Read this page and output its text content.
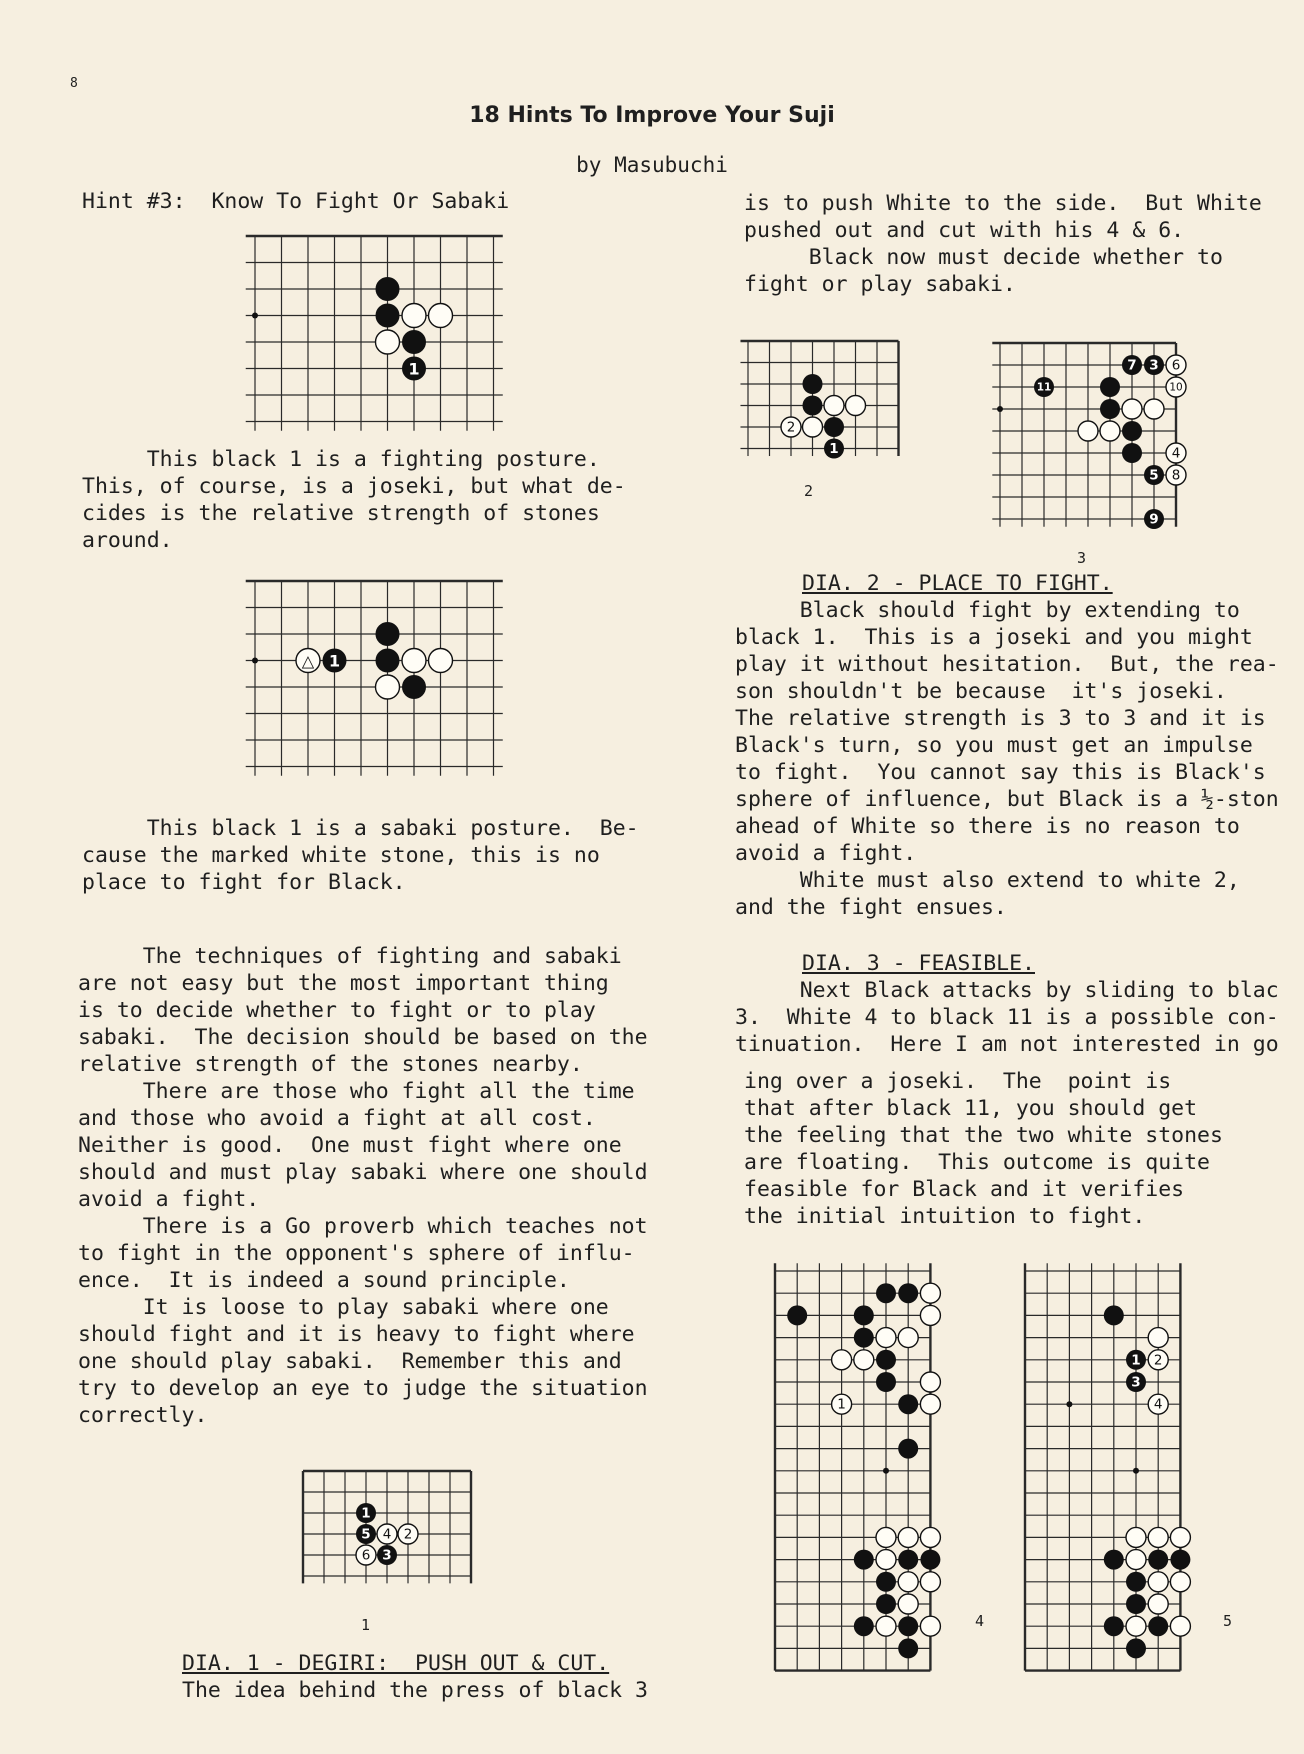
8
18 Hints To Improve Your Suji
by Masubuchi
Hint #3:  Know To Fight Or Sabaki
1
This black 1 is a fighting posture.
This, of course, is a joseki, but what de-
cides is the relative strength of stones
around.
△ 1
This black 1 is a sabaki posture.  Be-
cause the marked white stone, this is no
place to fight for Black.
The techniques of fighting and sabaki
are not easy but the most important thing
is to decide whether to fight or to play
sabaki.  The decision should be based on the
relative strength of the stones nearby.
There are those who fight all the time
and those who avoid a fight at all cost.
Neither is good.  One must fight where one
should and must play sabaki where one should
avoid a fight.
There is a Go proverb which teaches not
to fight in the opponent's sphere of influ-
ence.  It is indeed a sound principle.
It is loose to play sabaki where one
should fight and it is heavy to fight where
one should play sabaki.  Remember this and
try to develop an eye to judge the situation
correctly.
1
5 4 2
6 3
1
DIA. 1 - DEGIRI:  PUSH OUT & CUT.
The idea behind the press of black 3
is to push White to the side.  But White
pushed out and cut with his 4 & 6.
Black now must decide whether to
fight or play sabaki.
2
1
2
11
7 3 6
10
4
5 8
9
3
DIA. 2 - PLACE TO FIGHT.
Black should fight by extending to
black 1.  This is a joseki and you might
play it without hesitation.  But, the rea-
son shouldn't be because  it's joseki.
The relative strength is 3 to 3 and it is
Black's turn, so you must get an impulse
to fight.  You cannot say this is Black's
sphere of influence, but Black is a ½-ston
ahead of White so there is no reason to
avoid a fight.
White must also extend to white 2,
and the fight ensues.
DIA. 3 - FEASIBLE.
Next Black attacks by sliding to blac
3.  White 4 to black 11 is a possible con-
tinuation.  Here I am not interested in go
ing over a joseki.  The  point is
that after black 11, you should get
the feeling that the two white stones
are floating.  This outcome is quite
feasible for Black and it verifies
the initial intuition to fight.
1
4
1 2
3
4
5
